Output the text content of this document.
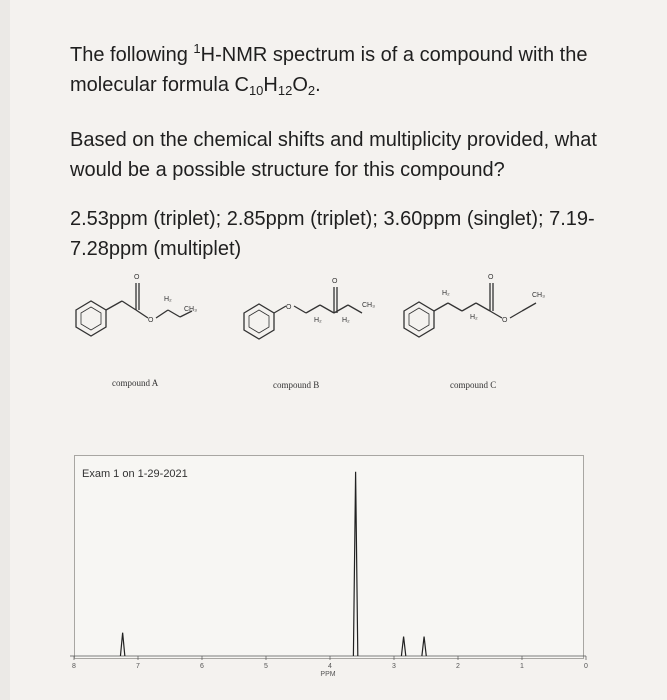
The following $^1$H-NMR spectrum is of a compound with the molecular formula $C_{10}H_{12}O_2$.

Based on the chemical shifts and multiplicity provided, what would be a possible structure for this compound?

2.53ppm (triplet); 2.85ppm (triplet); 3.60ppm (singlet); 7.19-7.28ppm (multiplet)

O
O
H₂
CH₃	O
H₂
O
H₂
CH₃
H₂
H₂
O
O
CH₃
compound A	compound B	compound C
Exam 1 on 1-29-2021
8	7	6	5	4	3	2	1	0
PPM
